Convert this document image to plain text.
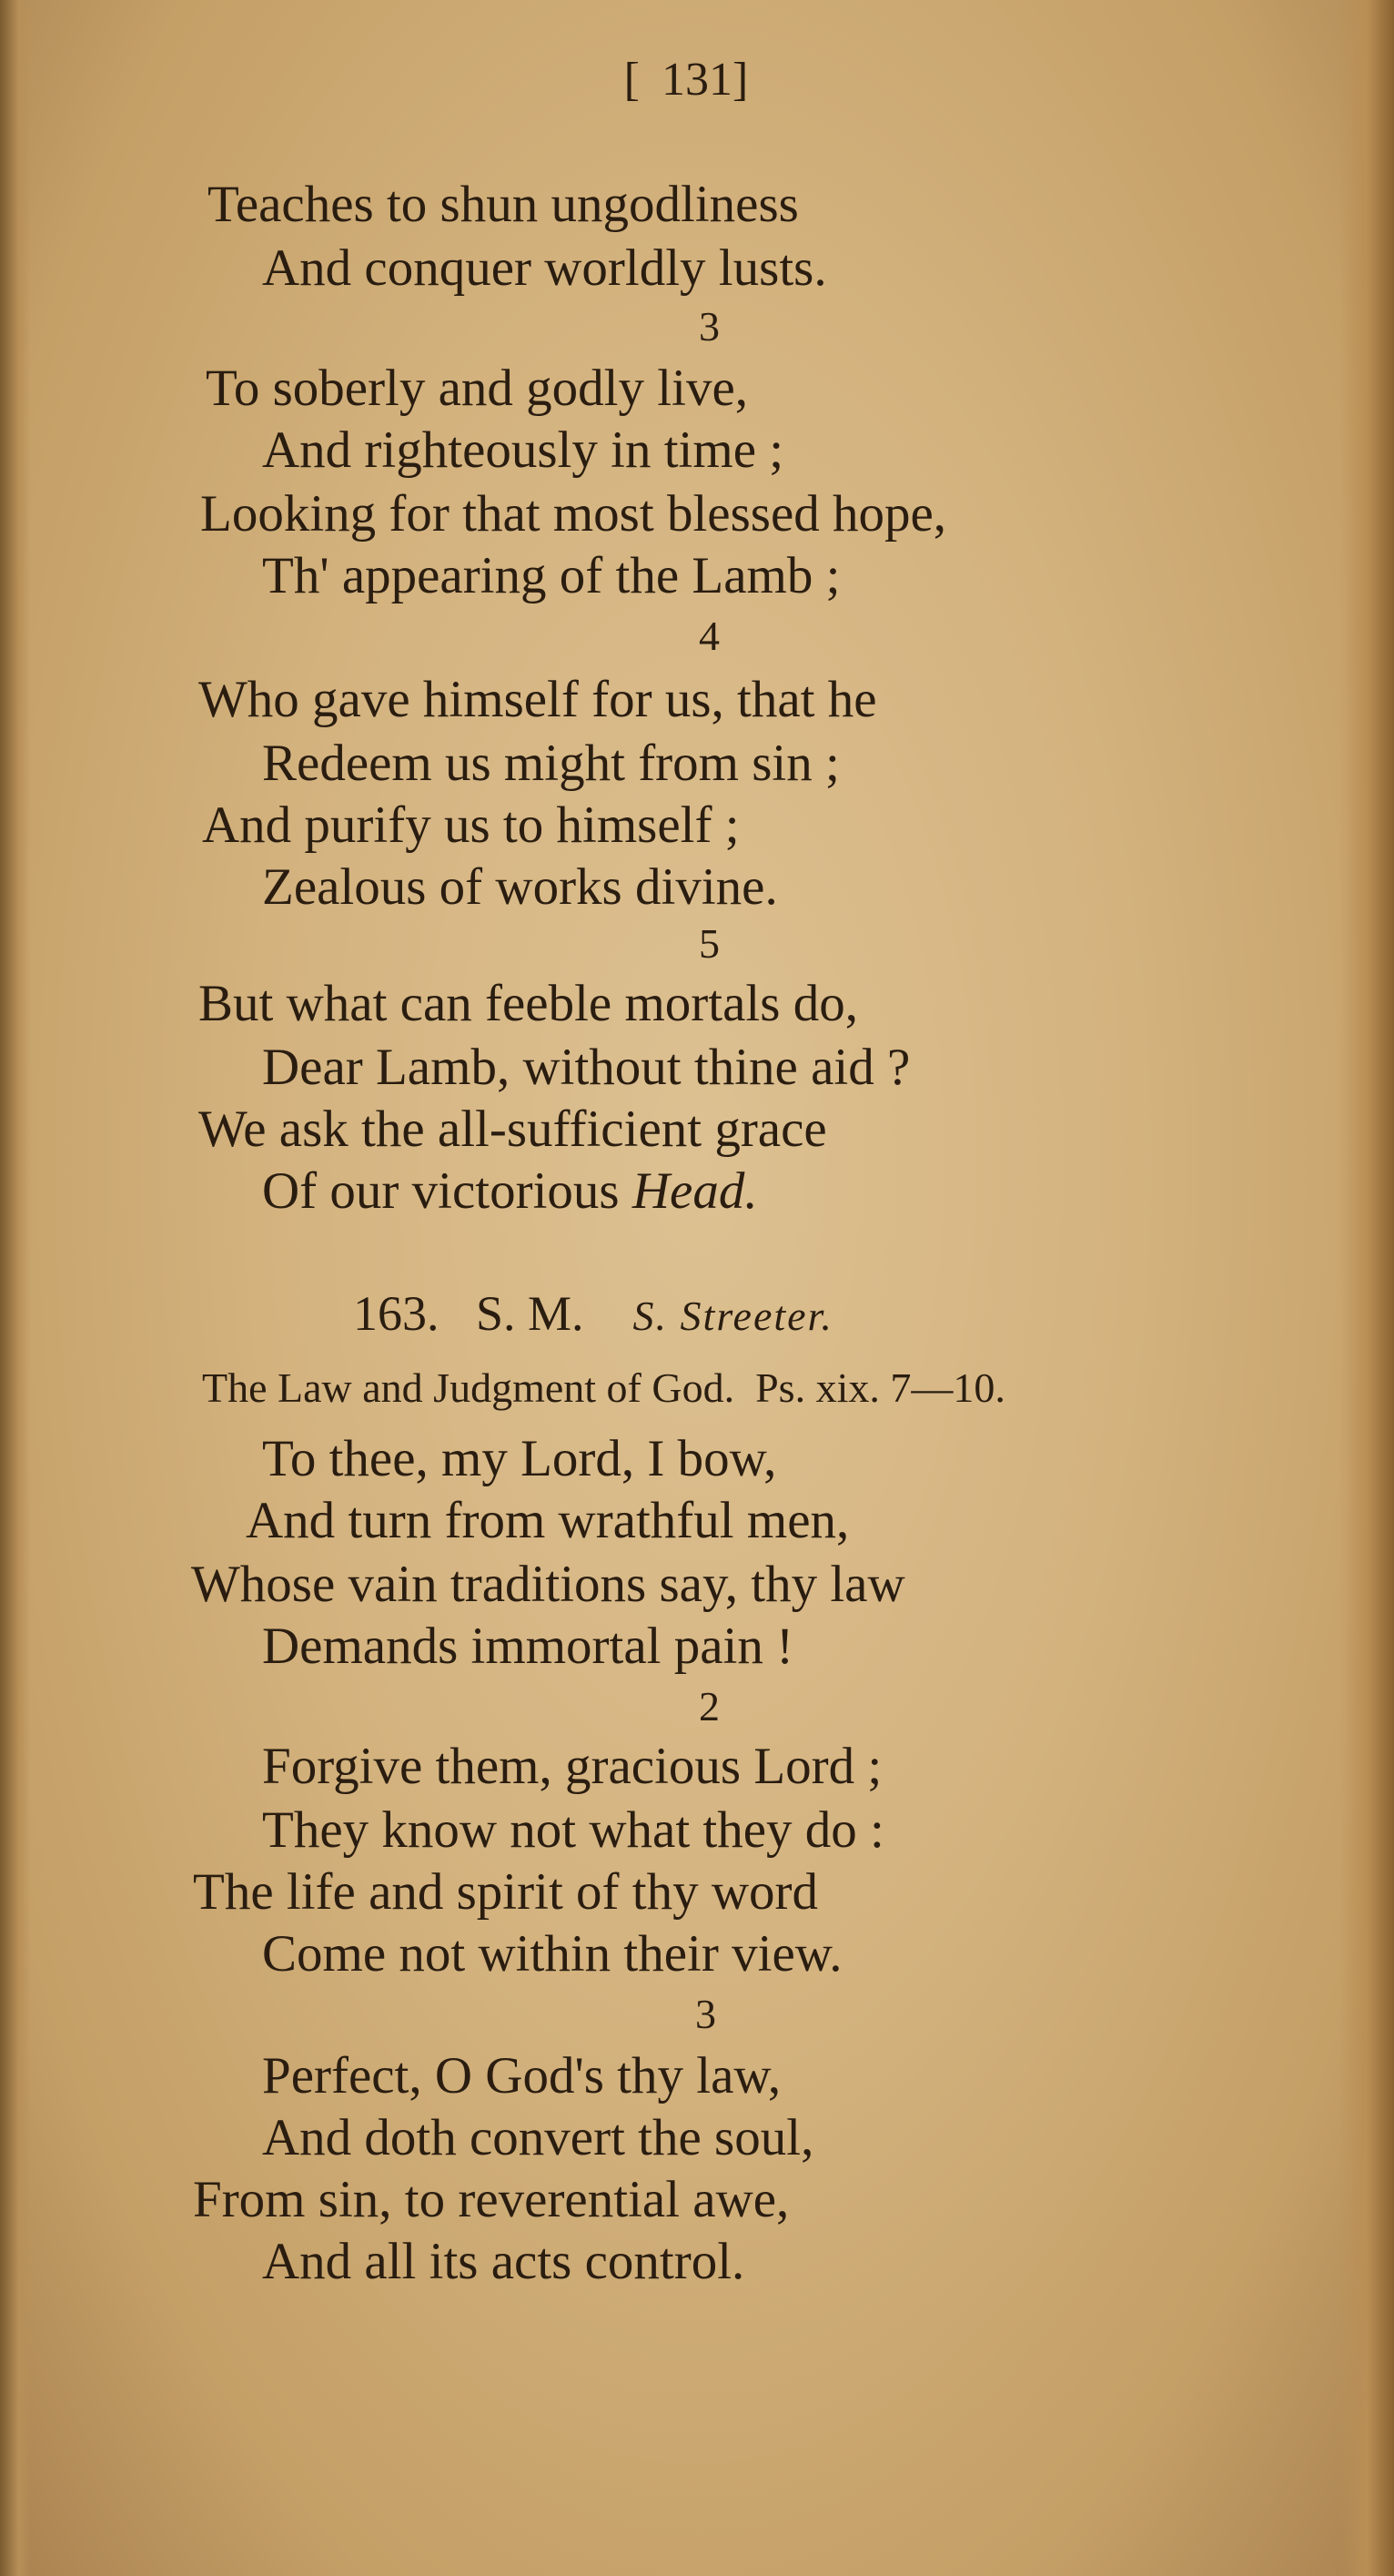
[131]
Teaches to shun ungodliness
And conquer worldly lusts.
3
To soberly and godly live,
And righteously in time ;
Looking for that most blessed hope,
Th' appearing of the Lamb ;
4
Who gave himself for us, that he
Redeem us might from sin ;
And purify us to himself ;
Zealous of works divine.
5
But what can feeble mortals do,
Dear Lamb, without thine aid ?
We ask the all-sufficient grace
Of our victorious Head.
163. S. M. S. Streeter.
The Law and Judgment of God. Ps. xix. 7—10.
To thee, my Lord, I bow,
And turn from wrathful men,
Whose vain traditions say, thy law
Demands immortal pain !
2
Forgive them, gracious Lord ;
They know not what they do :
The life and spirit of thy word
Come not within their view.
3
Perfect, O God's thy law,
And doth convert the soul,
From sin, to reverential awe,
And all its acts control.
